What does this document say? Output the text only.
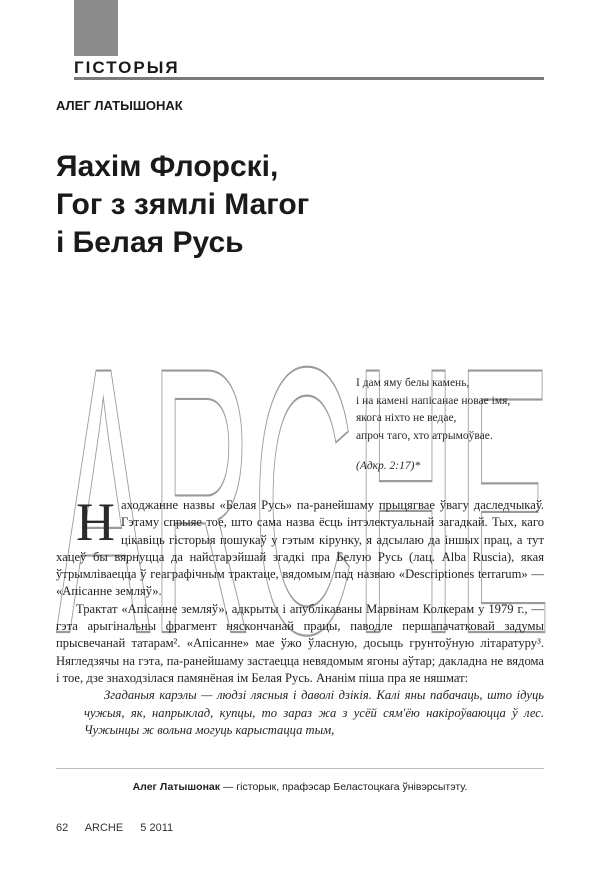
ГІСТОРЫЯ
АЛЕГ ЛАТЫШОНАК
Яахім Флорскі,
Гог з зямлі Магог
і Белая Русь
ARCHE
І дам яму белы камень,
і на камені напісанае новае імя,
якога ніхто не ведае,
апроч таго, хто атрымоўвае.
(Адкр. 2:17)*

Н аходжанне назвы «Белая Русь» па-ранейшаму прыцягвае ўвагу даследчыкаў. Гэтаму спрыяе тое, што сама назва ёсць інтэлектуальнай загадкай. Тых, каго цікавіць гісторыя пошукаў у гэтым кірунку, я адсылаю да іншых прац, а тут хацеў бы вярнуцца да найстарэйшай згадкі пра Белую Русь (лац. Alba Ruscia), якая ўтрымліваецца ў геаграфічным трактаце, вядомым пад назваю «Descriptiones terrarum» — «Апісанне земляў».

Трактат «Апісанне земляў», адкрыты і апублікаваны Марвінам Колкерам у 1979 г., — гэта арыгінальны фрагмент няскончанай працы, паводле першапачатковай задумы прысвечанай татарам². «Апісанне» мае ўжо ўласную, досыць грунтоўную літаратуру³. Нягледзячы на гэта, па-ранейшаму застаецца невядомым ягоны аўтар; дакладна не вядома і тое, дзе знаходзілася памянёная ім Белая Русь. Ананім піша пра яе няшмат:

Згаданыя карэлы — людзі лясныя і даволі дзікія. Калі яны пабачаць, што ідуць чужыя, як, напрыклад, купцы, то зараз жа з усёй сям'ёю накіроўваюцца ў лес. Чужынцы ж вольна могуць карыстацца тым,

Алег Латышонак — гісторык, прафэсар Беластоцкага ўнівэрсытэту.
62 ARCHE 5 2011
